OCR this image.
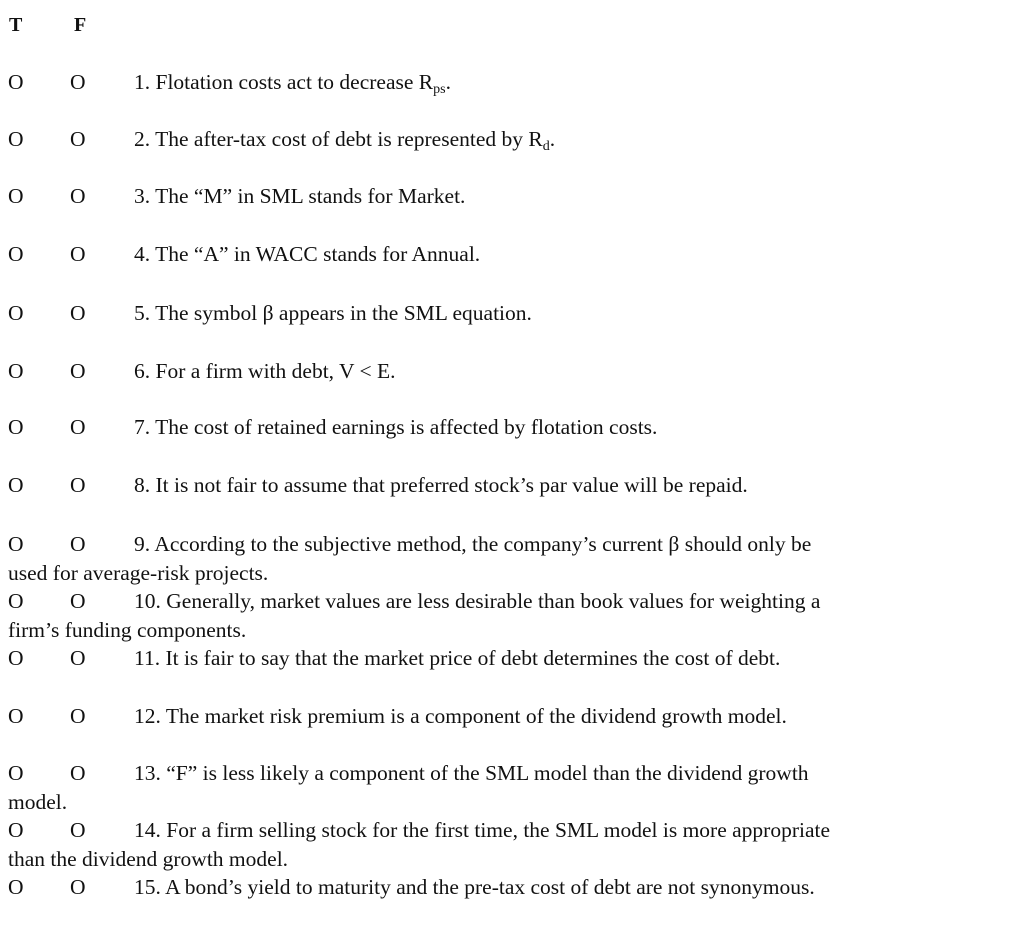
T	F
O O 1. Flotation costs act to decrease $R_{ps}$.
O O 2. The after-tax cost of debt is represented by $R_d$.
O O 3. The “M” in SML stands for Market.
O O 4. The “A” in WACC stands for Annual.
O O 5. The symbol β appears in the SML equation.
O O 6. For a firm with debt, V < E.
O O 7. The cost of retained earnings is affected by flotation costs.
O O 8. It is not fair to assume that preferred stock’s par value will be repaid.
O O 9. According to the subjective method, the company’s current β should only be
used for average-risk projects.
O O 10. Generally, market values are less desirable than book values for weighting a
firm’s funding components.
O O 11. It is fair to say that the market price of debt determines the cost of debt.
O O 12. The market risk premium is a component of the dividend growth model.
O O 13. “F” is less likely a component of the SML model than the dividend growth
model.
O O 14. For a firm selling stock for the first time, the SML model is more appropriate
than the dividend growth model.
O O 15. A bond’s yield to maturity and the pre-tax cost of debt are not synonymous.
